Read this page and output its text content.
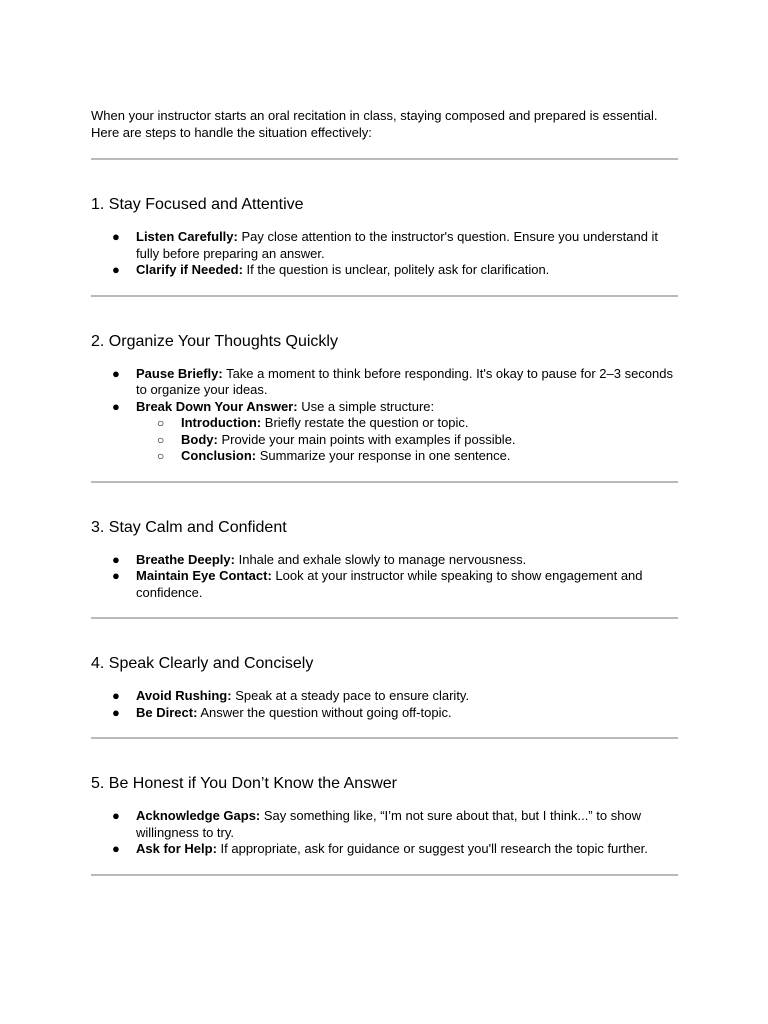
When your instructor starts an oral recitation in class, staying composed and prepared is essential. Here are steps to handle the situation effectively:

1. Stay Focused and Attentive
● Listen Carefully: Pay close attention to the instructor's question. Ensure you understand it fully before preparing an answer.
● Clarify if Needed: If the question is unclear, politely ask for clarification.
2. Organize Your Thoughts Quickly
● Pause Briefly: Take a moment to think before responding. It's okay to pause for 2–3 seconds to organize your ideas.
● Break Down Your Answer: Use a simple structure:
○ Introduction: Briefly restate the question or topic.
○ Body: Provide your main points with examples if possible.
○ Conclusion: Summarize your response in one sentence.
3. Stay Calm and Confident
● Breathe Deeply: Inhale and exhale slowly to manage nervousness.
● Maintain Eye Contact: Look at your instructor while speaking to show engagement and confidence.
4. Speak Clearly and Concisely
● Avoid Rushing: Speak at a steady pace to ensure clarity.
● Be Direct: Answer the question without going off-topic.
5. Be Honest if You Don’t Know the Answer
● Acknowledge Gaps: Say something like, “I’m not sure about that, but I think...” to show willingness to try.
● Ask for Help: If appropriate, ask for guidance or suggest you'll research the topic further.
